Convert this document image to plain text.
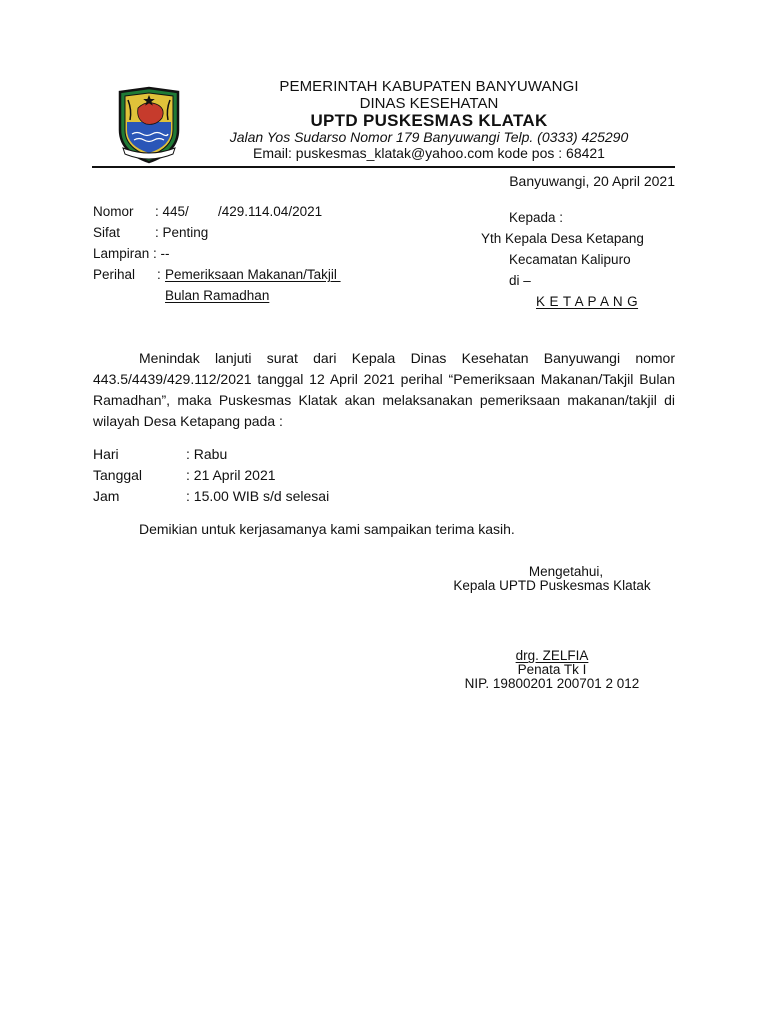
PEMERINTAH KABUPATEN BANYUWANGI
DINAS KESEHATAN
UPTD PUSKESMAS KLATAK
Jalan Yos Sudarso Nomor 179 Banyuwangi Telp. (0333) 425290
Email: puskesmas_klatak@yahoo.com kode pos : 68421
Banyuwangi, 20 April 2021
Nomor : 445/ /429.114.04/2021
Sifat	: Penting
Lampiran : --
Perihal : Pemeriksaan Makanan/Takjil
Bulan Ramadhan
Kepada :
Yth Kepala Desa Ketapang
Kecamatan Kalipuro
di –
K E T A P A N G
Menindak lanjuti surat dari Kepala Dinas Kesehatan Banyuwangi nomor 443.5/4439/429.112/2021 tanggal 12 April 2021 perihal “Pemeriksaan Makanan/Takjil Bulan Ramadhan”, maka Puskesmas Klatak akan melaksanakan pemeriksaan makanan/takjil di wilayah Desa Ketapang pada :
Hari	: Rabu
Tanggal	: 21 April 2021
Jam	: 15.00 WIB s/d selesai
Demikian untuk kerjasamanya kami sampaikan terima kasih.
Mengetahui,
Kepala UPTD Puskesmas Klatak
drg. ZELFIA
Penata Tk I
NIP. 19800201 200701 2 012
